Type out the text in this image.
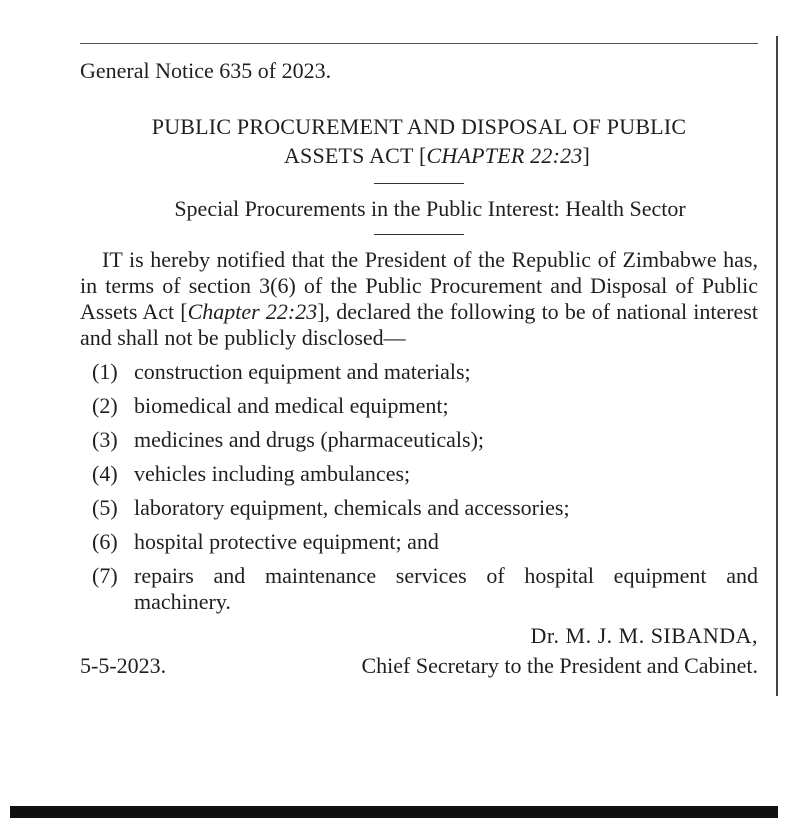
General Notice 635 of 2023.

PUBLIC PROCUREMENT AND DISPOSAL OF PUBLIC
ASSETS ACT [CHAPTER 22:23]

Special Procurements in the Public Interest: Health Sector

IT is hereby notified that the President of the Republic of Zimbabwe has, in terms of section 3(6) of the Public Procurement and Disposal of Public Assets Act [Chapter 22:23], declared the following to be of national interest and shall not be publicly disclosed—

(1) construction equipment and materials;
(2) biomedical and medical equipment;
(3) medicines and drugs (pharmaceuticals);
(4) vehicles including ambulances;
(5) laboratory equipment, chemicals and accessories;
(6) hospital protective equipment; and
(7) repairs and maintenance services of hospital equipment and machinery.
Dr. M. J. M. SIBANDA,
5-5-2023.	Chief Secretary to the President and Cabinet.
